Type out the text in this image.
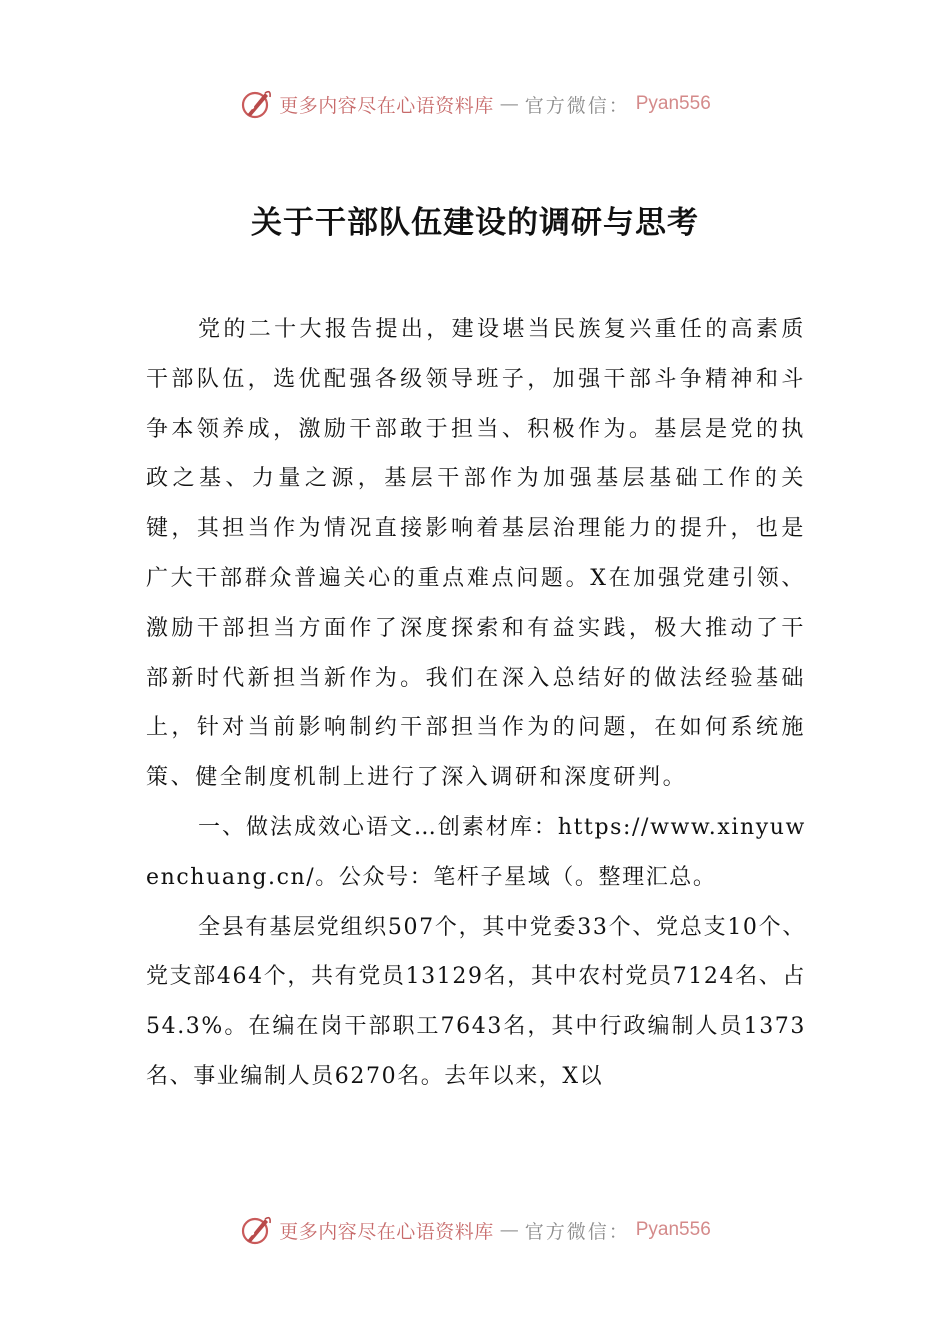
更多内容尽在心语资料库 — 官方微信： Pyan556
关于干部队伍建设的调研与思考

党的二十大报告提出，建设堪当民族复兴重任的高素质干部队伍，选优配强各级领导班子，加强干部斗争精神和斗争本领养成，激励干部敢于担当、积极作为。基层是党的执政之基、力量之源，基层干部作为加强基层基础工作的关键，其担当作为情况直接影响着基层治理能力的提升，也是广大干部群众普遍关心的重点难点问题。X在加强党建引领、激励干部担当方面作了深度探索和有益实践，极大推动了干部新时代新担当新作为。我们在深入总结好的做法经验基础上，针对当前影响制约干部担当作为的问题，在如何系统施策、健全制度机制上进行了深入调研和深度研判。

一、做法成效心语文…创素材库：https://www.xinyuwenchuang.cn/。公众号：笔杆子星域（。整理汇总。

全县有基层党组织507个，其中党委33个、党总支10个、党支部464个，共有党员13129名，其中农村党员7124名、占54.3%。在编在岗干部职工7643名，其中行政编制人员1373名、事业编制人员6270名。去年以来，X以

更多内容尽在心语资料库 — 官方微信： Pyan556
